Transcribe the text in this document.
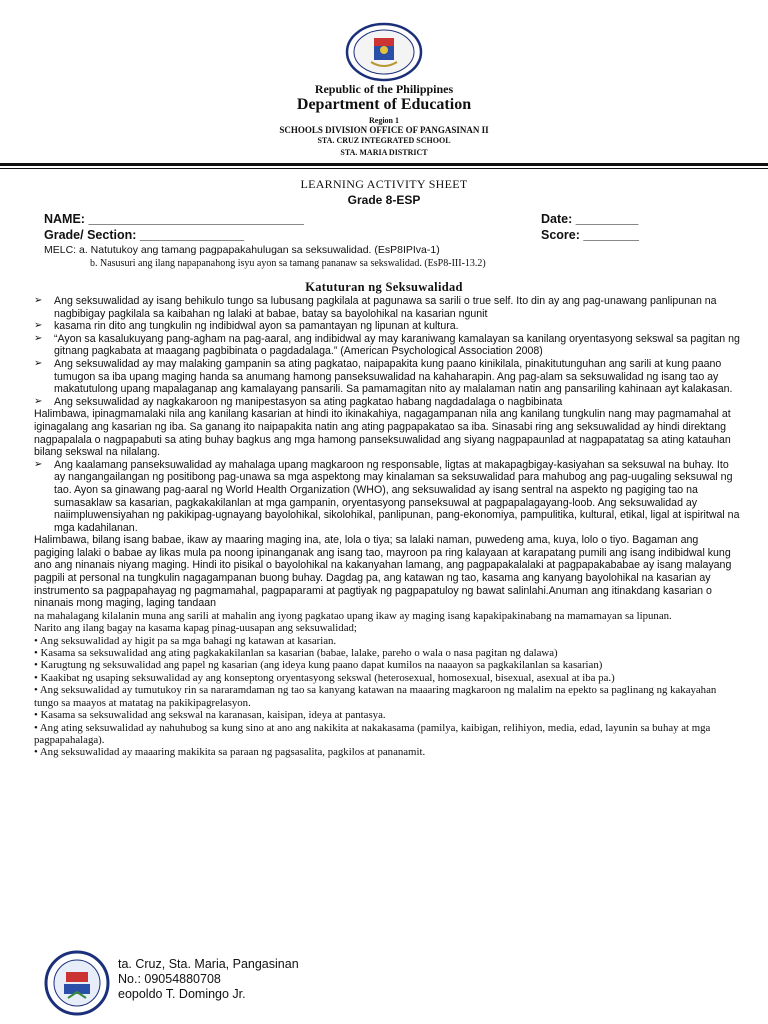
Republic of the Philippines
Department of Education
Region 1
SCHOOLS DIVISION OFFICE OF PANGASINAN II
STA. CRUZ INTEGRATED SCHOOL
STA. MARIA DISTRICT
LEARNING ACTIVITY SHEET
Grade 8-ESP
NAME: _______________________________	Date: _________
Grade/ Section: _______________	Score: ________
MELC: a. Natutukoy ang tamang pagpapakahulugan sa seksuwalidad. (EsP8IPIva-1)
b. Nasusuri ang ilang napapanahong isyu ayon sa tamang pananaw sa sekswalidad. (EsP8-III-13.2)
Katuturan ng Seksuwalidad
➢ Ang seksuwalidad ay isang behikulo tungo sa lubusang pagkilala at pagunawa sa sarili o true self. Ito din ay ang pag-unawang panlipunan na nagbibigay pagkilala sa kaibahan ng lalaki at babae, batay sa bayolohikal na kasarian ngunit
➢ kasama rin dito ang tungkulin ng indibidwal ayon sa pamantayan ng lipunan at kultura.
➢ “Ayon sa kasalukuyang pang-agham na pag-aaral, ang indibidwal ay may karaniwang kamalayan sa kanilang oryentasyong sekswal sa pagitan ng gitnang pagkabata at maagang pagbibinata o pagdadalaga.” (American Psychological Association 2008)
➢ Ang seksuwalidad ay may malaking gampanin sa ating pagkatao, naipapakita kung paano kinikilala, pinakitutunguhan ang sarili at kung paano tumugon sa iba upang maging handa sa anumang hamong panseksuwalidad na kahaharapin. Ang pag-alam sa seksuwalidad ng isang tao ay makatutulong upang mapalaganap ang kamalayang pansarili. Sa pamamagitan nito ay malalaman natin ang pansariling kahinaan ayt kalakasan.
➢ Ang seksuwalidad ay nagkakaroon ng manipestasyon sa ating pagkatao habang nagdadalaga o nagbibinata
Halimbawa, ipinagmamalaki nila ang kanilang kasarian at hindi ito ikinakahiya, nagagampanan nila ang kanilang tungkulin nang may pagmamahal at iginagalang ang kasarian ng iba. Sa ganang ito naipapakita natin ang ating pagpapakatao sa iba. Sinasabi ring ang seksuwalidad ay hindi direktang nagpapalala o nagpapabuti sa ating buhay bagkus ang mga hamong panseksuwalidad ang siyang nagpapaunlad at nagpapatatag sa ating katauhan bilang sekswal na nilalang.
➢ Ang kaalamang panseksuwalidad ay mahalaga upang magkaroon ng responsable, ligtas at makapagbigay-kasiyahan sa seksuwal na buhay. Ito ay nangangailangan ng positibong pag-unawa sa mga aspektong may kinalaman sa seksuwalidad para mahubog ang pag-uugaling seksuwal ng tao. Ayon sa ginawang pag-aaral ng World Health Organization (WHO), ang seksuwalidad ay isang sentral na aspekto ng pagiging tao na sumasaklaw sa kasarian, pagkakakilanlan at mga gampanin, oryentasyong panseksuwal at pagpapalagayang-loob. Ang seksuwalidad ay naiimpluwensiyahan ng pakikipag-ugnayang bayolohikal, sikolohikal, panlipunan, pang-ekonomiya, pampulitika, kultural, etikal, ligal at ispiritwal na mga kadahilanan.
Halimbawa, bilang isang babae, ikaw ay maaring maging ina, ate, lola o tiya; sa lalaki naman, puwedeng ama, kuya, lolo o tiyo. Bagaman ang pagiging lalaki o babae ay likas mula pa noong ipinanganak ang isang tao, mayroon pa ring kalayaan at karapatang pumili ang isang indibidwal kung ano ang ninanais niyang maging. Hindi ito pisikal o bayolohikal na kakanyahan lamang, ang pagpapakalalaki at pagpapakababae ay isang malayang pagpili at personal na tungkulin nagagampanan buong buhay. Dagdag pa, ang katawan ng tao, kasama ang kanyang bayolohikal na kasarian ay instrumento sa pagpapahayag ng pagmamahal, pagpaparami at pagtiyak ng pagpapatuloy ng bawat salinlahi.Anuman ang itinakdang kasarian o ninanais mong maging, laging tandaan
na mahalagang kilalanin muna ang sarili at mahalin ang iyong pagkatao upang ikaw ay maging isang kapakipakinabang na mamamayan sa lipunan.
Narito ang ilang bagay na kasama kapag pinag-uusapan ang seksuwalidad;
• Ang seksuwalidad ay higit pa sa mga bahagi ng katawan at kasarian.
• Kasama sa seksuwalidad ang ating pagkakakilanlan sa kasarian (babae, lalake, pareho o wala o nasa pagitan ng dalawa)
• Karugtung ng seksuwalidad ang papel ng kasarian (ang ideya kung paano dapat kumilos na naaayon sa pagkakilanlan sa kasarian)
• Kaakibat ng usaping seksuwalidad ay ang konseptong oryentasyong sekswal (heterosexual, homosexual, bisexual, asexual at iba pa.)
• Ang seksuwalidad ay tumutukoy rin sa nararamdaman ng tao sa kanyang katawan na maaaring magkaroon ng malalim na epekto sa paglinang ng kakayahan tungo sa maayos at matatag na pakikipagrelasyon.
• Kasama sa seksuwalidad ang sekswal na karanasan, kaisipan, ideya at pantasya.
• Ang ating seksuwalidad ay nahuhubog sa kung sino at ano ang nakikita at nakakasama (pamilya, kaibigan, relihiyon, media, edad, layunin sa buhay at mga pagpapahalaga).
• Ang seksuwalidad ay maaaring makikita sa paraan ng pagsasalita, pagkilos at pananamit.
ta. Cruz, Sta. Maria, Pangasinan
No.: 09054880708
eopoldo T. Domingo Jr.
